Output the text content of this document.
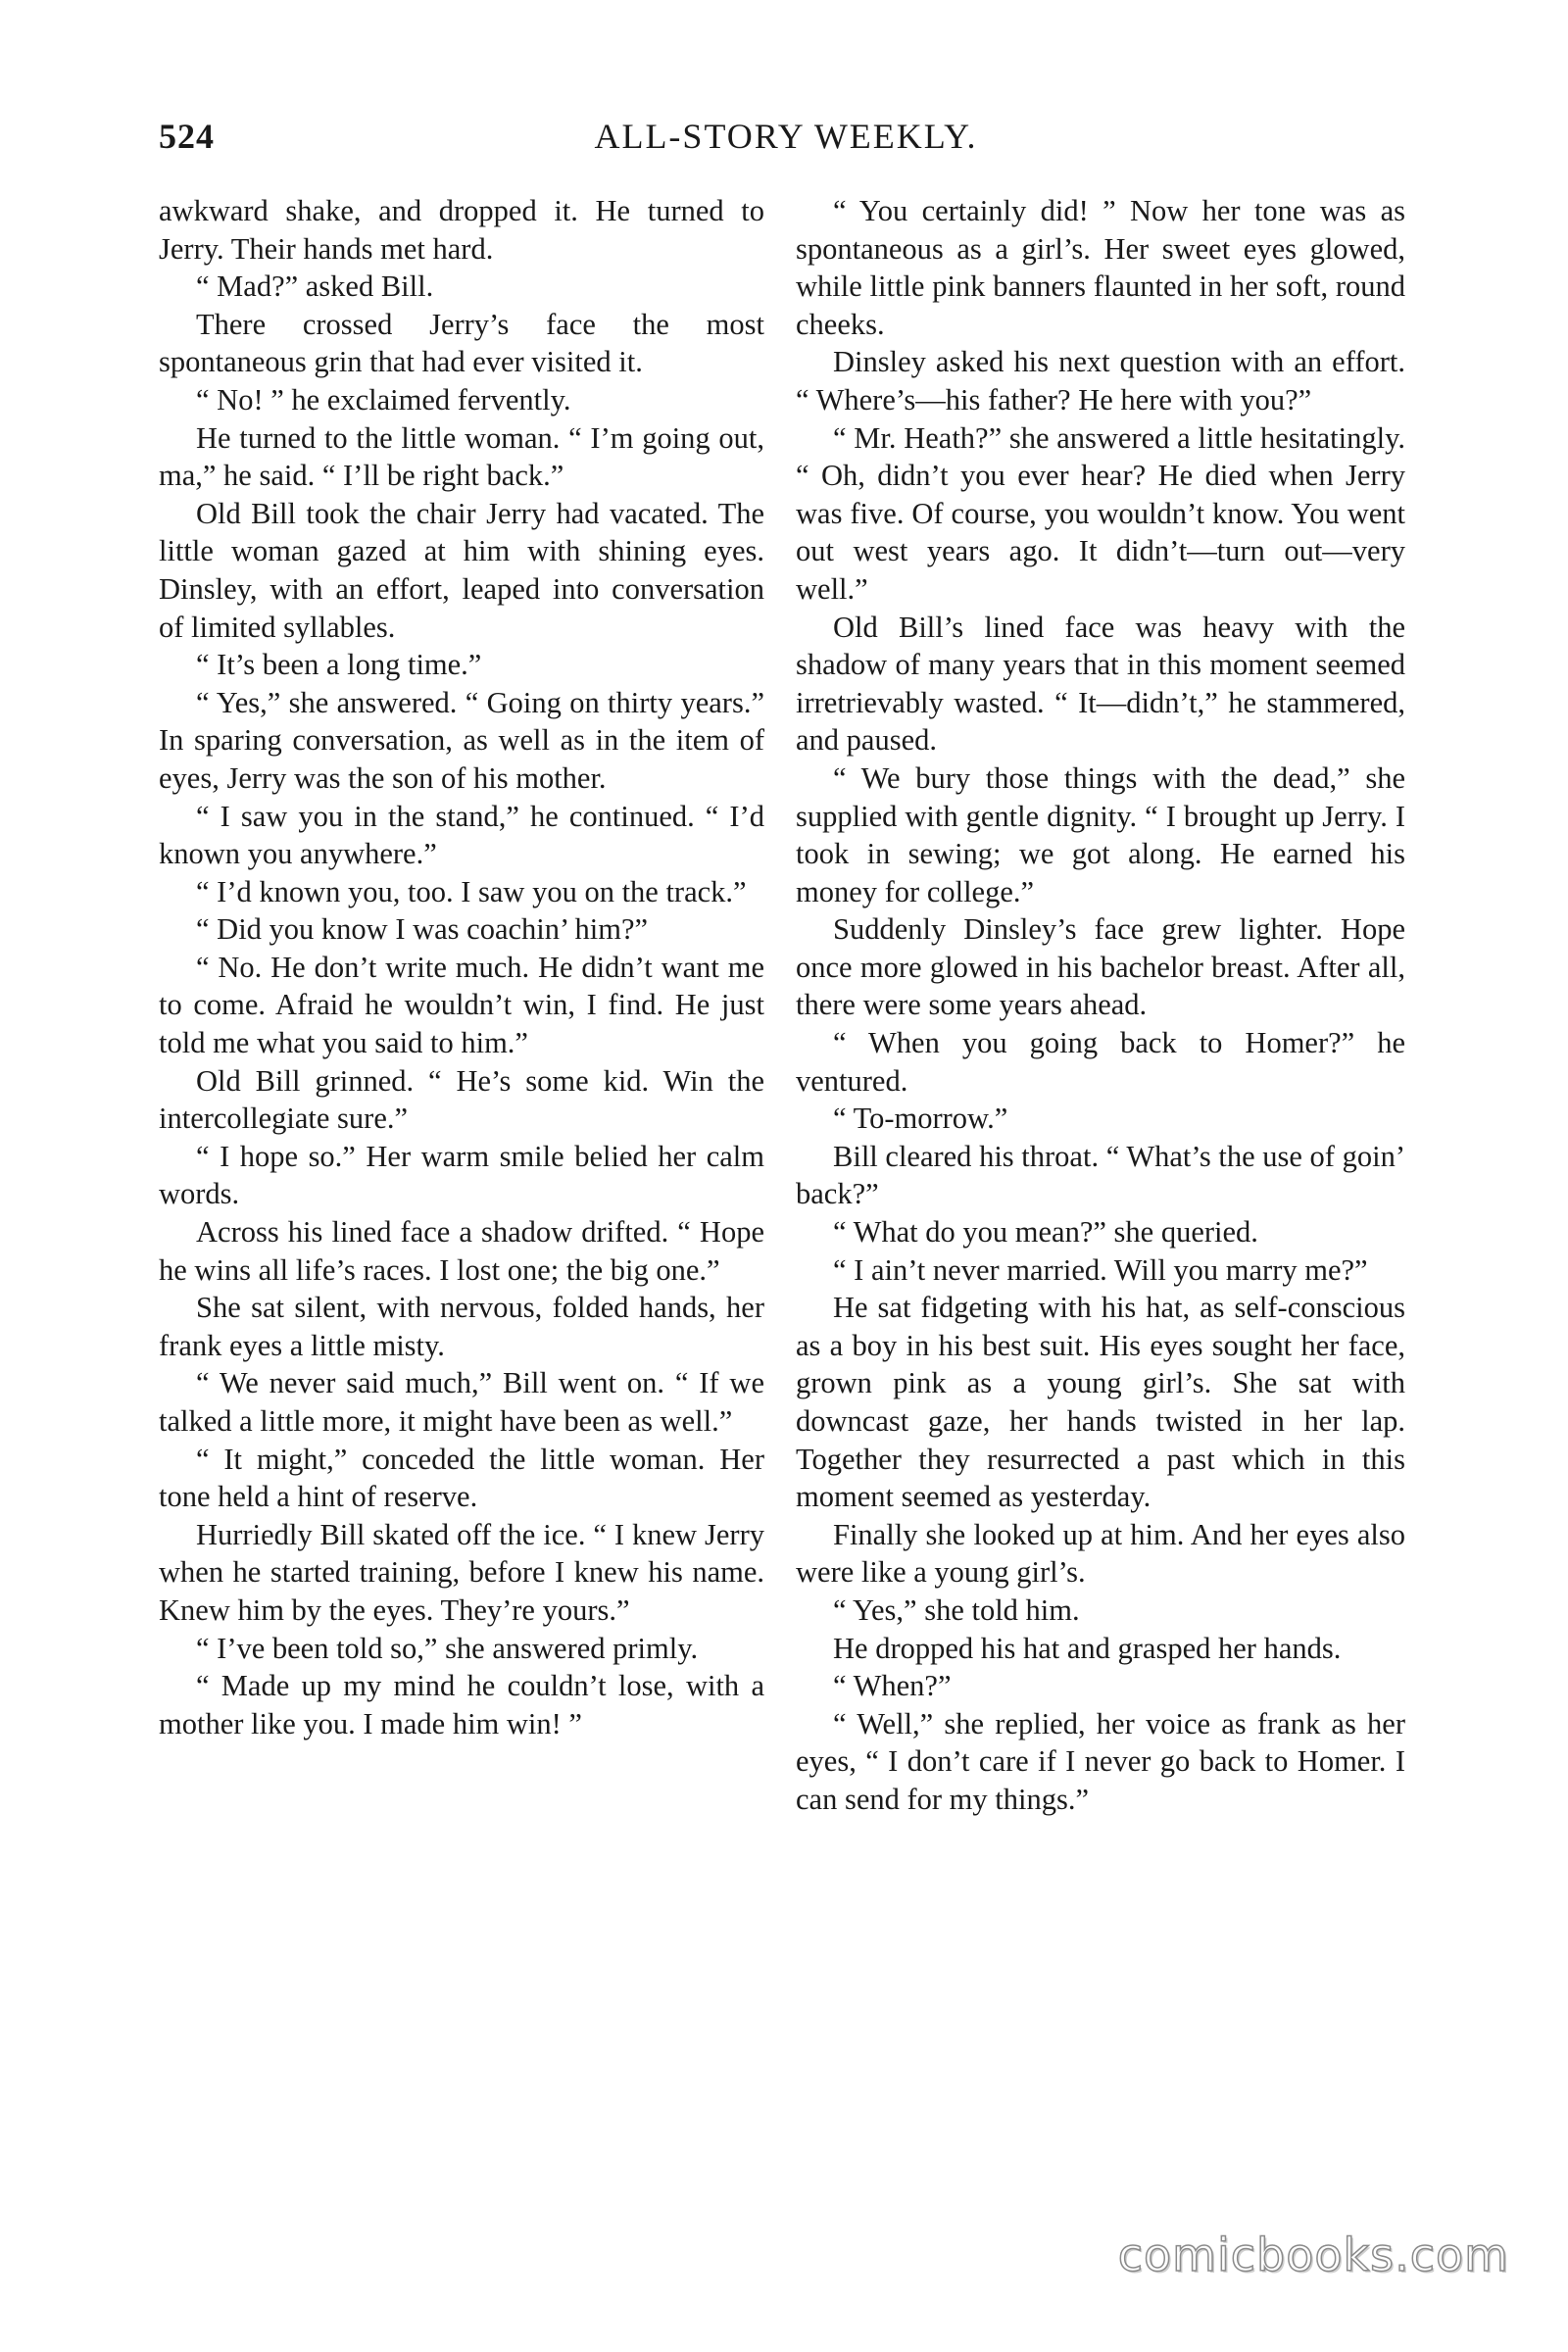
524	ALL-STORY WEEKLY.

awkward shake, and dropped it. He turned to Jerry. Their hands met hard.

“ Mad?” asked Bill.

There crossed Jerry’s face the most spontaneous grin that had ever visited it.

“ No! ” he exclaimed fervently.

He turned to the little woman. “ I’m going out, ma,” he said. “ I’ll be right back.”

Old Bill took the chair Jerry had vacated. The little woman gazed at him with shining eyes. Dinsley, with an effort, leaped into conversation of limited syllables.

“ It’s been a long time.”

“ Yes,” she answered. “ Going on thirty years.” In sparing conversation, as well as in the item of eyes, Jerry was the son of his mother.

“ I saw you in the stand,” he continued. “ I’d known you anywhere.”

“ I’d known you, too. I saw you on the track.”

“ Did you know I was coachin’ him?”

“ No. He don’t write much. He didn’t want me to come. Afraid he wouldn’t win, I find. He just told me what you said to him.”

Old Bill grinned. “ He’s some kid. Win the intercollegiate sure.”

“ I hope so.” Her warm smile belied her calm words.

Across his lined face a shadow drifted. “ Hope he wins all life’s races. I lost one; the big one.”

She sat silent, with nervous, folded hands, her frank eyes a little misty.

“ We never said much,” Bill went on. “ If we talked a little more, it might have been as well.”

“ It might,” conceded the little woman. Her tone held a hint of reserve.

Hurriedly Bill skated off the ice. “ I knew Jerry when he started training, before I knew his name. Knew him by the eyes. They’re yours.”

“ I’ve been told so,” she answered primly.

“ Made up my mind he couldn’t lose, with a mother like you. I made him win! ”

“ You certainly did! ” Now her tone was as spontaneous as a girl’s. Her sweet eyes glowed, while little pink banners flaunted in her soft, round cheeks.

Dinsley asked his next question with an effort. “ Where’s—his father? He here with you?”

“ Mr. Heath?” she answered a little hesitatingly. “ Oh, didn’t you ever hear? He died when Jerry was five. Of course, you wouldn’t know. You went out west years ago. It didn’t—turn out—very well.”

Old Bill’s lined face was heavy with the shadow of many years that in this moment seemed irretrievably wasted. “ It—didn’t,” he stammered, and paused.

“ We bury those things with the dead,” she supplied with gentle dignity. “ I brought up Jerry. I took in sewing; we got along. He earned his money for college.”

Suddenly Dinsley’s face grew lighter. Hope once more glowed in his bachelor breast. After all, there were some years ahead.

“ When you going back to Homer?” he ventured.

“ To-morrow.”

Bill cleared his throat. “ What’s the use of goin’ back?”

“ What do you mean?” she queried.

“ I ain’t never married. Will you marry me?”

He sat fidgeting with his hat, as self-conscious as a boy in his best suit. His eyes sought her face, grown pink as a young girl’s. She sat with downcast gaze, her hands twisted in her lap. Together they resurrected a past which in this moment seemed as yesterday.

Finally she looked up at him. And her eyes also were like a young girl’s.

“ Yes,” she told him.

He dropped his hat and grasped her hands.

“ When?”

“ Well,” she replied, her voice as frank as her eyes, “ I don’t care if I never go back to Homer. I can send for my things.”

comicbooks.com
